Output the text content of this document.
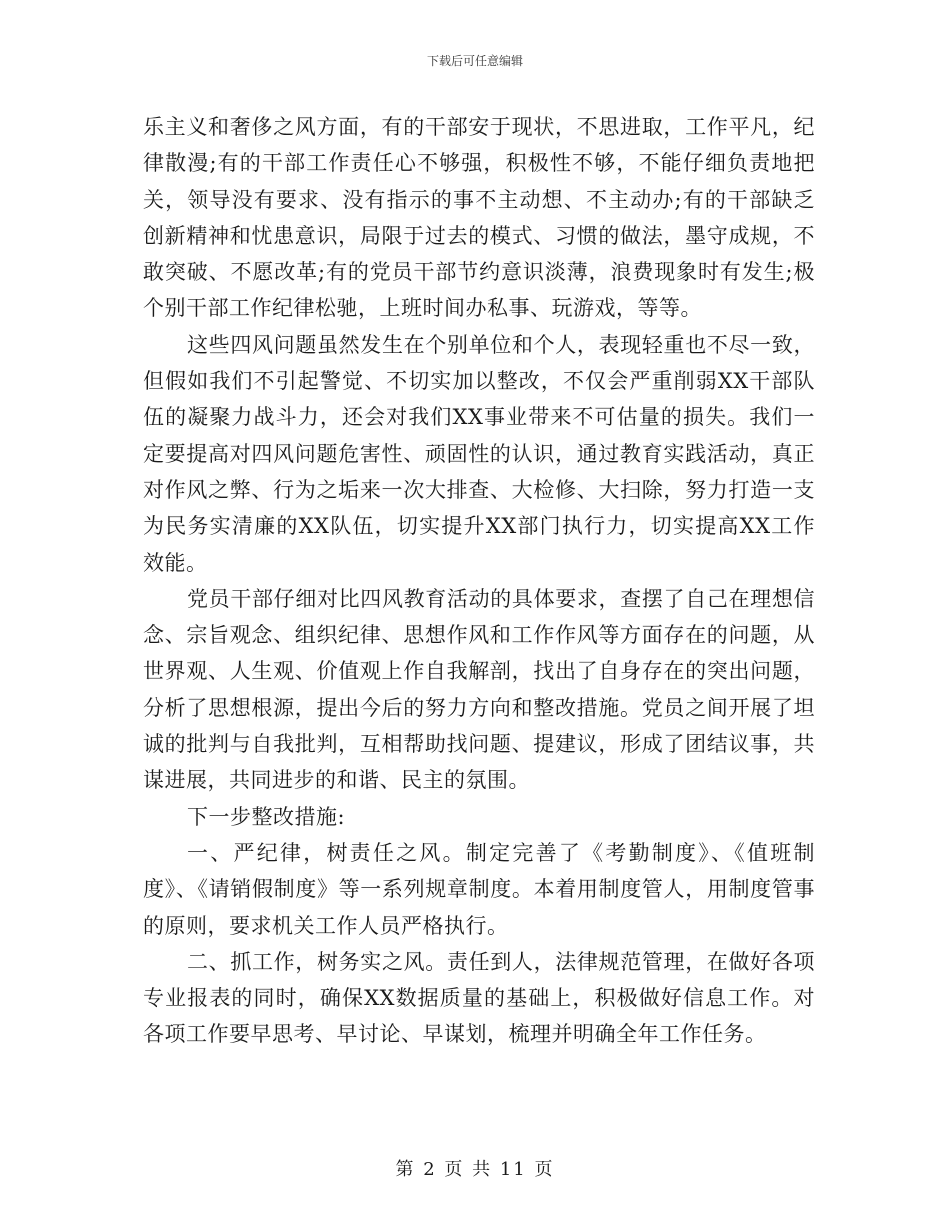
下载后可任意编辑

乐主义和奢侈之风方面，有的干部安于现状，不思进取，工作平凡，纪律散漫;有的干部工作责任心不够强，积极性不够，不能仔细负责地把关，领导没有要求、没有指示的事不主动想、不主动办;有的干部缺乏创新精神和忧患意识，局限于过去的模式、习惯的做法，墨守成规，不敢突破、不愿改革;有的党员干部节约意识淡薄，浪费现象时有发生;极个别干部工作纪律松驰，上班时间办私事、玩游戏，等等。

这些四风问题虽然发生在个别单位和个人，表现轻重也不尽一致，但假如我们不引起警觉、不切实加以整改，不仅会严重削弱XX干部队伍的凝聚力战斗力，还会对我们XX事业带来不可估量的损失。我们一定要提高对四风问题危害性、顽固性的认识，通过教育实践活动，真正对作风之弊、行为之垢来一次大排查、大检修、大扫除，努力打造一支为民务实清廉的XX队伍，切实提升XX部门执行力，切实提高XX工作效能。

党员干部仔细对比四风教育活动的具体要求，查摆了自己在理想信念、宗旨观念、组织纪律、思想作风和工作作风等方面存在的问题，从世界观、人生观、价值观上作自我解剖，找出了自身存在的突出问题，分析了思想根源，提出今后的努力方向和整改措施。党员之间开展了坦诚的批判与自我批判，互相帮助找问题、提建议，形成了团结议事，共谋进展，共同进步的和谐、民主的氛围。

下一步整改措施:

一、严纪律，树责任之风。制定完善了《考勤制度》、《值班制度》、《请销假制度》等一系列规章制度。本着用制度管人，用制度管事的原则，要求机关工作人员严格执行。

二、抓工作，树务实之风。责任到人，法律规范管理，在做好各项专业报表的同时，确保XX数据质量的基础上，积极做好信息工作。对各项工作要早思考、早讨论、早谋划，梳理并明确全年工作任务。

第 2 页 共 11 页
